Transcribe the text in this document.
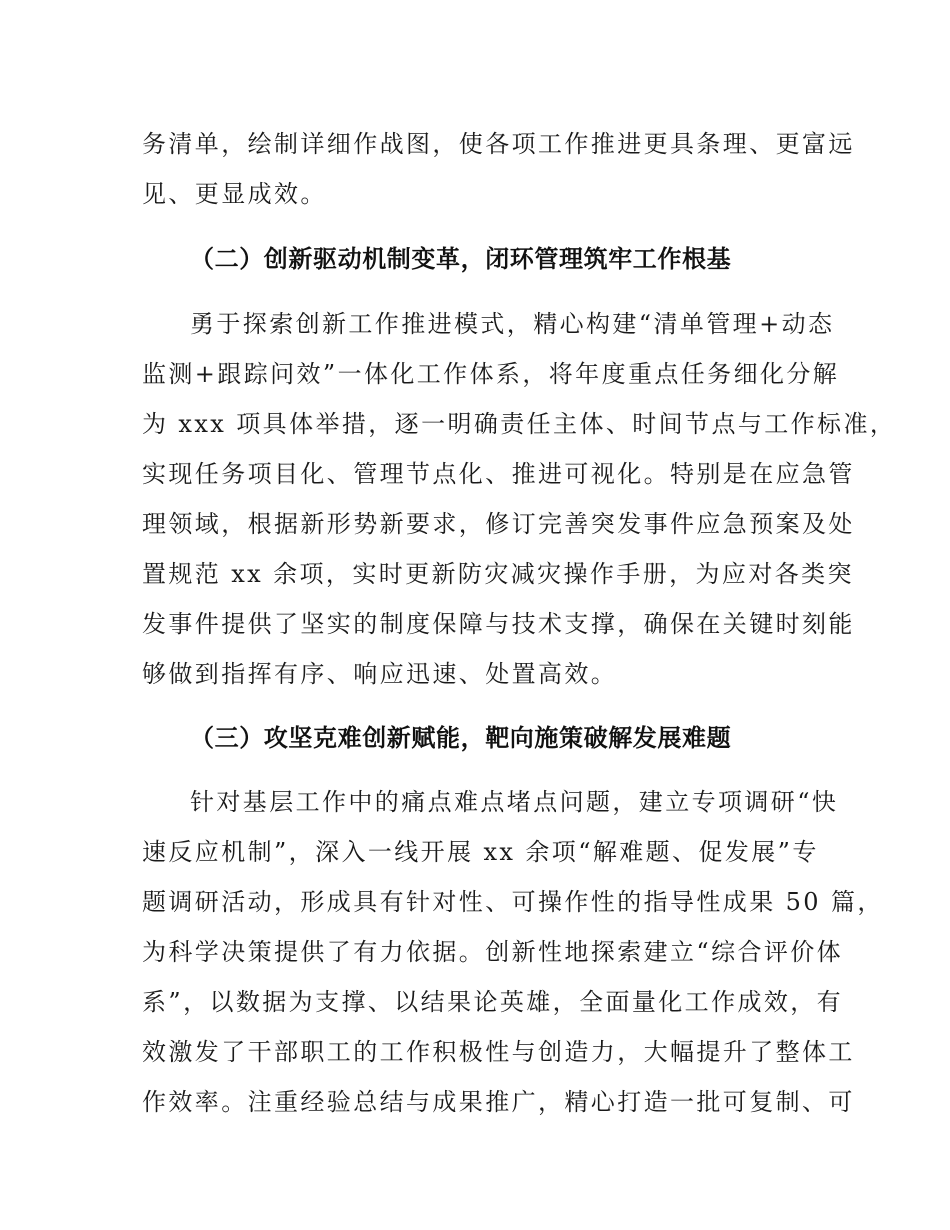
务清单，绘制详细作战图，使各项工作推进更具条理、更富远
见、更显成效。
（二）创新驱动机制变革，闭环管理筑牢工作根基
勇于探索创新工作推进模式，精心构建“清单管理+动态
监测+跟踪问效”一体化工作体系，将年度重点任务细化分解
为 xxx 项具体举措，逐一明确责任主体、时间节点与工作标准，
实现任务项目化、管理节点化、推进可视化。特别是在应急管
理领域，根据新形势新要求，修订完善突发事件应急预案及处
置规范 xx 余项，实时更新防灾减灾操作手册，为应对各类突
发事件提供了坚实的制度保障与技术支撑，确保在关键时刻能
够做到指挥有序、响应迅速、处置高效。
（三）攻坚克难创新赋能，靶向施策破解发展难题
针对基层工作中的痛点难点堵点问题，建立专项调研“快
速反应机制”，深入一线开展 xx 余项“解难题、促发展”专
题调研活动，形成具有针对性、可操作性的指导性成果 50 篇，
为科学决策提供了有力依据。创新性地探索建立“综合评价体
系”，以数据为支撑、以结果论英雄，全面量化工作成效，有
效激发了干部职工的工作积极性与创造力，大幅提升了整体工
作效率。注重经验总结与成果推广，精心打造一批可复制、可
